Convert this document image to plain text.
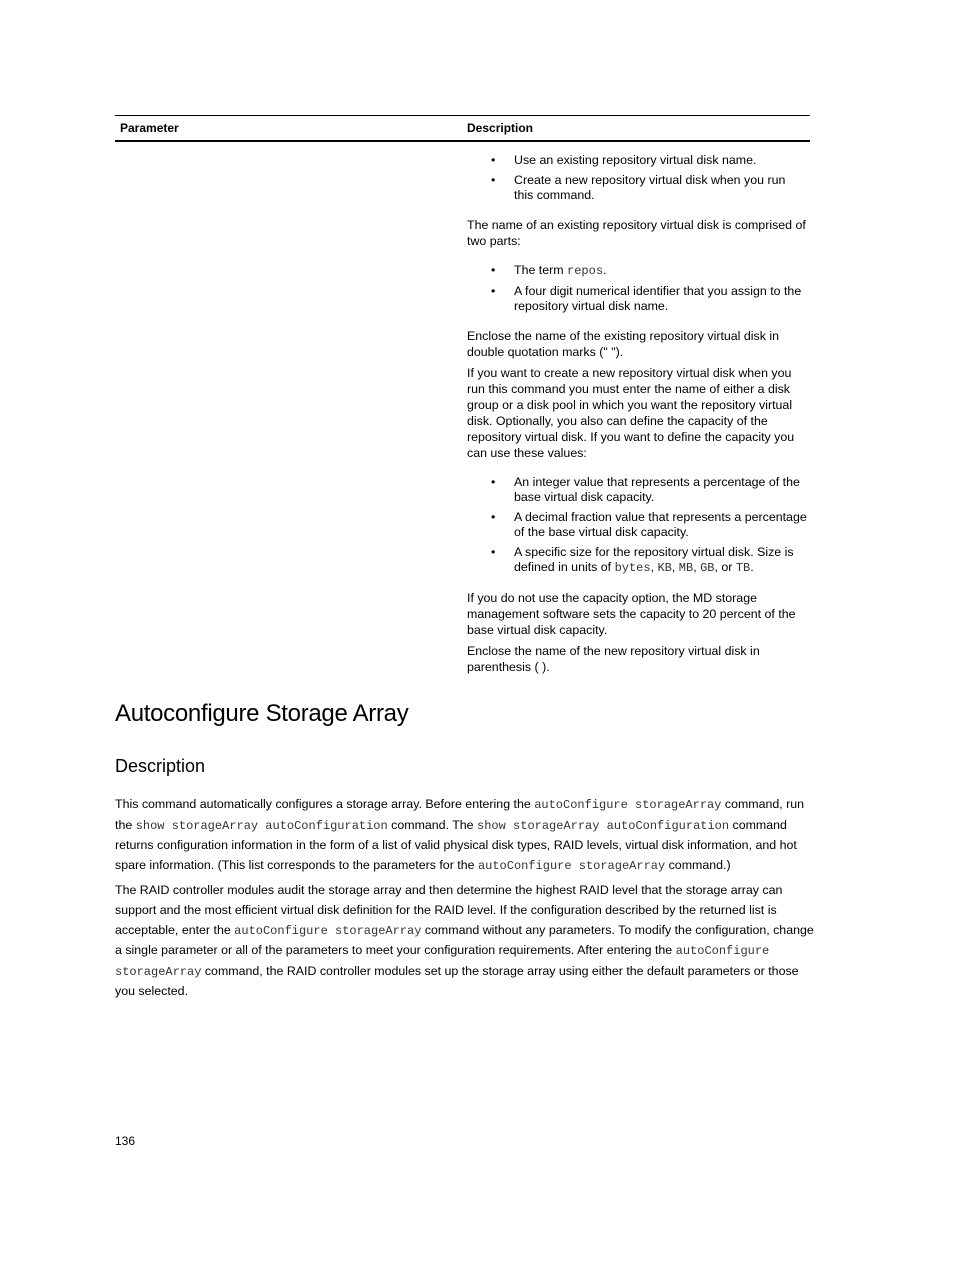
Parameter	Description
• Use an existing repository virtual disk name.
• Create a new repository virtual disk when you run this command.

The name of an existing repository virtual disk is comprised of two parts:

• The term repos.
• A four digit numerical identifier that you assign to the repository virtual disk name.

Enclose the name of the existing repository virtual disk in double quotation marks (" ").

If you want to create a new repository virtual disk when you run this command you must enter the name of either a disk group or a disk pool in which you want the repository virtual disk. Optionally, you also can define the capacity of the repository virtual disk. If you want to define the capacity you can use these values:

• An integer value that represents a percentage of the base virtual disk capacity.
• A decimal fraction value that represents a percentage of the base virtual disk capacity.
• A specific size for the repository virtual disk. Size is defined in units of bytes, KB, MB, GB, or TB.

If you do not use the capacity option, the MD storage management software sets the capacity to 20 percent of the base virtual disk capacity.

Enclose the name of the new repository virtual disk in parenthesis ( ).

Autoconfigure Storage Array
Description

This command automatically configures a storage array. Before entering the autoConfigure storageArray command, run the show storageArray autoConfiguration command. The show storageArray autoConfiguration command returns configuration information in the form of a list of valid physical disk types, RAID levels, virtual disk information, and hot spare information. (This list corresponds to the parameters for the autoConfigure storageArray command.)

The RAID controller modules audit the storage array and then determine the highest RAID level that the storage array can support and the most efficient virtual disk definition for the RAID level. If the configuration described by the returned list is acceptable, enter the autoConfigure storageArray command without any parameters. To modify the configuration, change a single parameter or all of the parameters to meet your configuration requirements. After entering the autoConfigure storageArray command, the RAID controller modules set up the storage array using either the default parameters or those you selected.

136
